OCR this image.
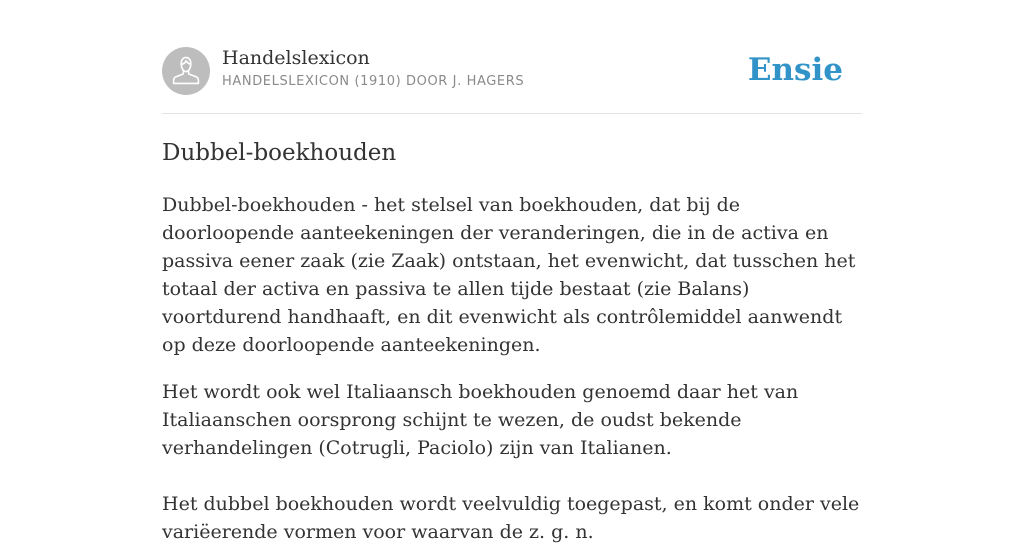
Handelslexicon
HANDELSLEXICON (1910) DOOR J. HAGERS	Ensie
Dubbel-boekhouden

Dubbel-boekhouden - het stelsel van boekhouden, dat bij de doorloopende aanteekeningen der veranderingen, die in de activa en passiva eener zaak (zie Zaak) ontstaan, het evenwicht, dat tusschen het totaal der activa en passiva te allen tijde bestaat (zie Balans) voortdurend handhaaft, en dit evenwicht als contrôlemiddel aanwendt op deze doorloopende aanteekeningen.

Het wordt ook wel Italiaansch boekhouden genoemd daar het van Italiaanschen oorsprong schijnt te wezen, de oudst bekende verhandelingen (Cotrugli, Paciolo) zijn van Italianen.

Het dubbel boekhouden wordt veelvuldig toegepast, en komt onder vele variëerende vormen voor waarvan de z. g. n.
